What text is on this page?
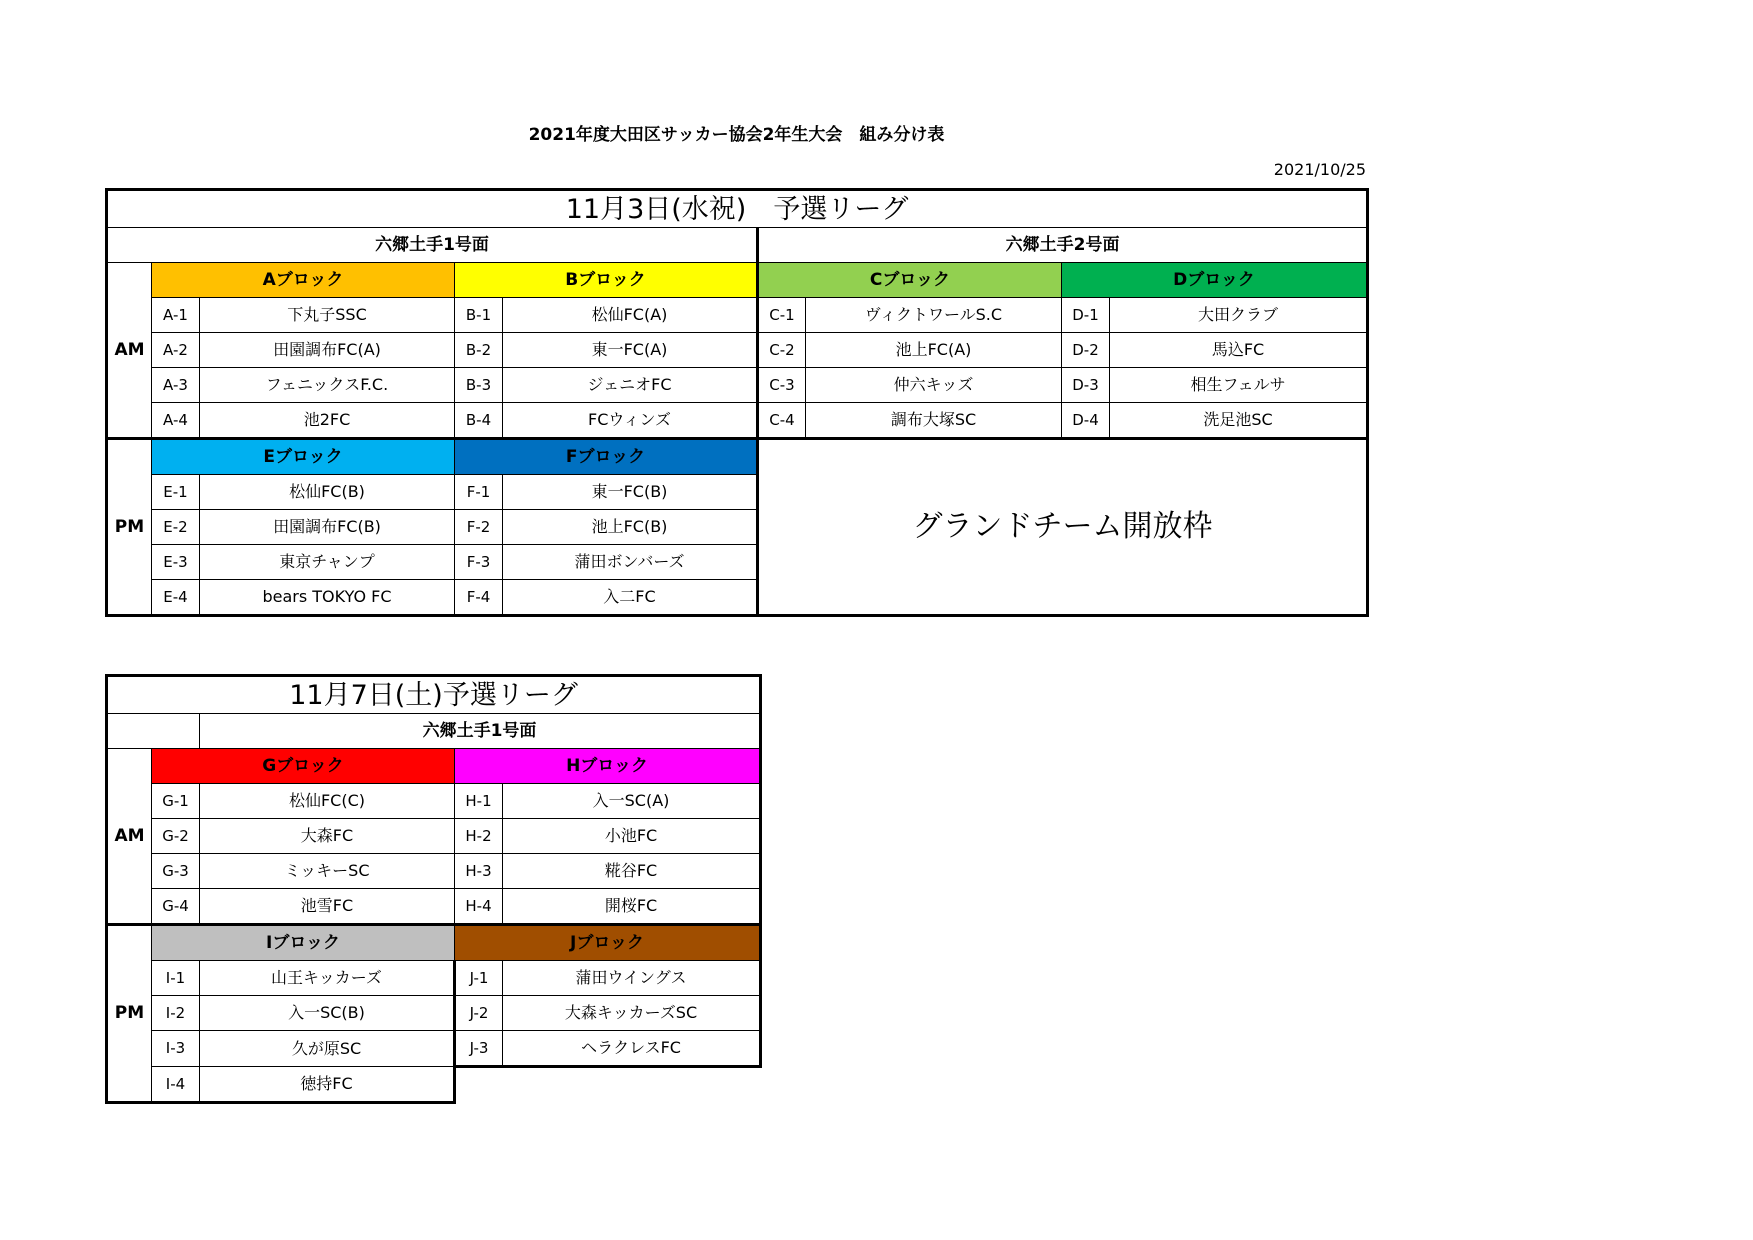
2021年度大田区サッカー協会2年生大会　組み分け表
2021/10/25
11月3日(水祝)　予選リーグ								
六郷土手1号面					六郷土手2号面			
AM	Aブロック		Bブロック		Cブロック		Dブロック	
	A-1	下丸子SSC	B-1	松仙FC(A)	C-1	ヴィクトワールS.C	D-1	大田クラブ
	A-2	田園調布FC(A)	B-2	東一FC(A)	C-2	池上FC(A)	D-2	馬込FC
	A-3	フェニックスF.C.	B-3	ジェニオFC	C-3	仲六キッズ	D-3	相生フェルサ
	A-4	池2FC	B-4	FCウィンズ	C-4	調布大塚SC	D-4	洗足池SC
PM	Eブロック		Fブロック		グランドチーム開放枠			
	E-1	松仙FC(B)	F-1	東一FC(B)				
	E-2	田園調布FC(B)	F-2	池上FC(B)				
	E-3	東京チャンプ	F-3	蒲田ボンバーズ				
	E-4	bears TOKYO FC	F-4	入二FC				
11月7日(土)予選リーグ				
		六郷土手1号面		
AM	Gブロック		Hブロック	
	G-1	松仙FC(C)	H-1	入一SC(A)
	G-2	大森FC	H-2	小池FC
	G-3	ミッキーSC	H-3	糀谷FC
	G-4	池雪FC	H-4	開桜FC
PM	Iブロック		Jブロック	
	I-1	山王キッカーズ	J-1	蒲田ウイングス
	I-2	入一SC(B)	J-2	大森キッカーズSC
	I-3	久が原SC	J-3	ヘラクレスFC
	I-4	徳持FC		
